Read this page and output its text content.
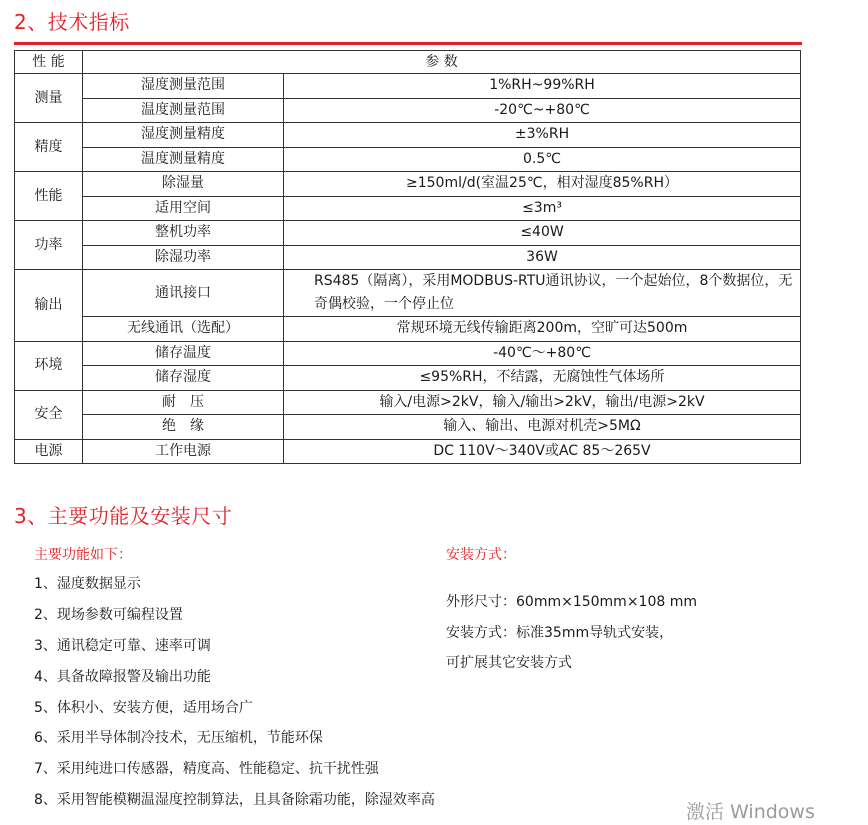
2、技术指标
性 能	参 数	
测量	湿度测量范围	1%RH~99%RH
	温度测量范围	-20℃~+80℃
精度	湿度测量精度	±3%RH
	温度测量精度	0.5℃
性能	除湿量	≥150ml/d(室温25℃，相对湿度85%RH）
	适用空间	≤3m³
功率	整机功率	≤40W
	除湿功率	36W
输出	通讯接口	RS485（隔离），采用MODBUS-RTU通讯协议，一个起始位，8个数据位，无奇偶校验，一个停止位
	无线通讯（选配）	常规环境无线传输距离200m，空旷可达500m
环境	储存温度	-40℃～+80℃
	储存湿度	≤95%RH，不结露，无腐蚀性气体场所
安全	耐　压	输入/电源>2kV，输入/输出>2kV，输出/电源>2kV
	绝　缘	输入、输出、电源对机壳>5MΩ
电源	工作电源	DC 110V～340V或AC 85～265V
3、主要功能及安装尺寸
主要功能如下：
1、湿度数据显示
2、现场参数可编程设置
3、通讯稳定可靠、速率可调
4、具备故障报警及输出功能
5、体积小、安装方便，适用场合广
6、采用半导体制冷技术，无压缩机，节能环保
7、采用纯进口传感器，精度高、性能稳定、抗干扰性强
8、采用智能模糊温湿度控制算法，且具备除霜功能，除湿效率高
安装方式：
外形尺寸：60mm×150mm×108 mm
安装方式：标准35mm导轨式安装，
可扩展其它安装方式
激活 Windows
